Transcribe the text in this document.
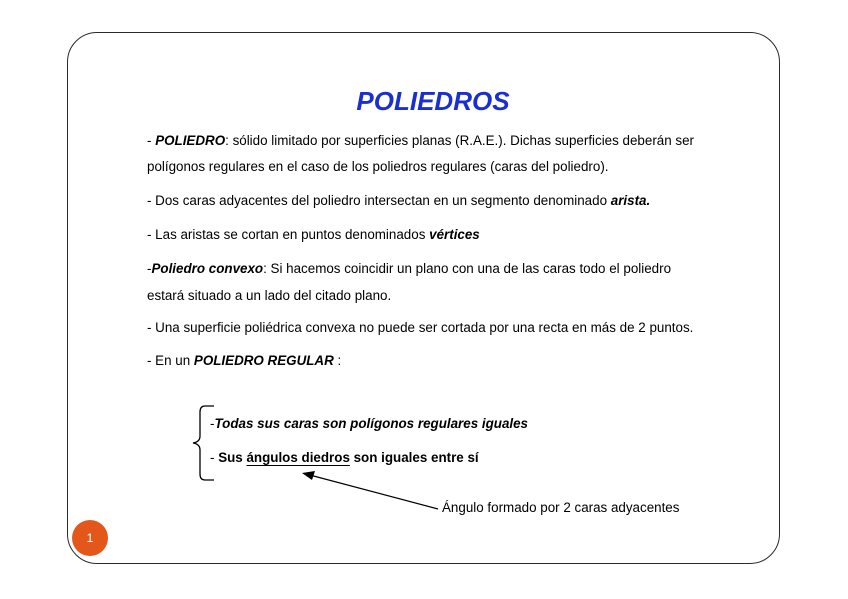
POLIEDROS

- POLIEDRO: sólido limitado por superficies planas (R.A.E.). Dichas superficies deberán ser

polígonos regulares en el caso de los poliedros regulares (caras del poliedro).

- Dos caras adyacentes del poliedro intersectan en un segmento denominado arista.

- Las aristas se cortan en puntos denominados vértices

-Poliedro convexo: Si hacemos coincidir un plano con una de las caras todo el poliedro

estará situado a un lado del citado plano.

- Una superficie poliédrica convexa no puede ser cortada por una recta en más de 2 puntos.

- En un POLIEDRO REGULAR :

-Todas sus caras son polígonos regulares iguales
- Sus ángulos diedros son iguales entre sí
Ángulo formado por 2 caras adyacentes
1
